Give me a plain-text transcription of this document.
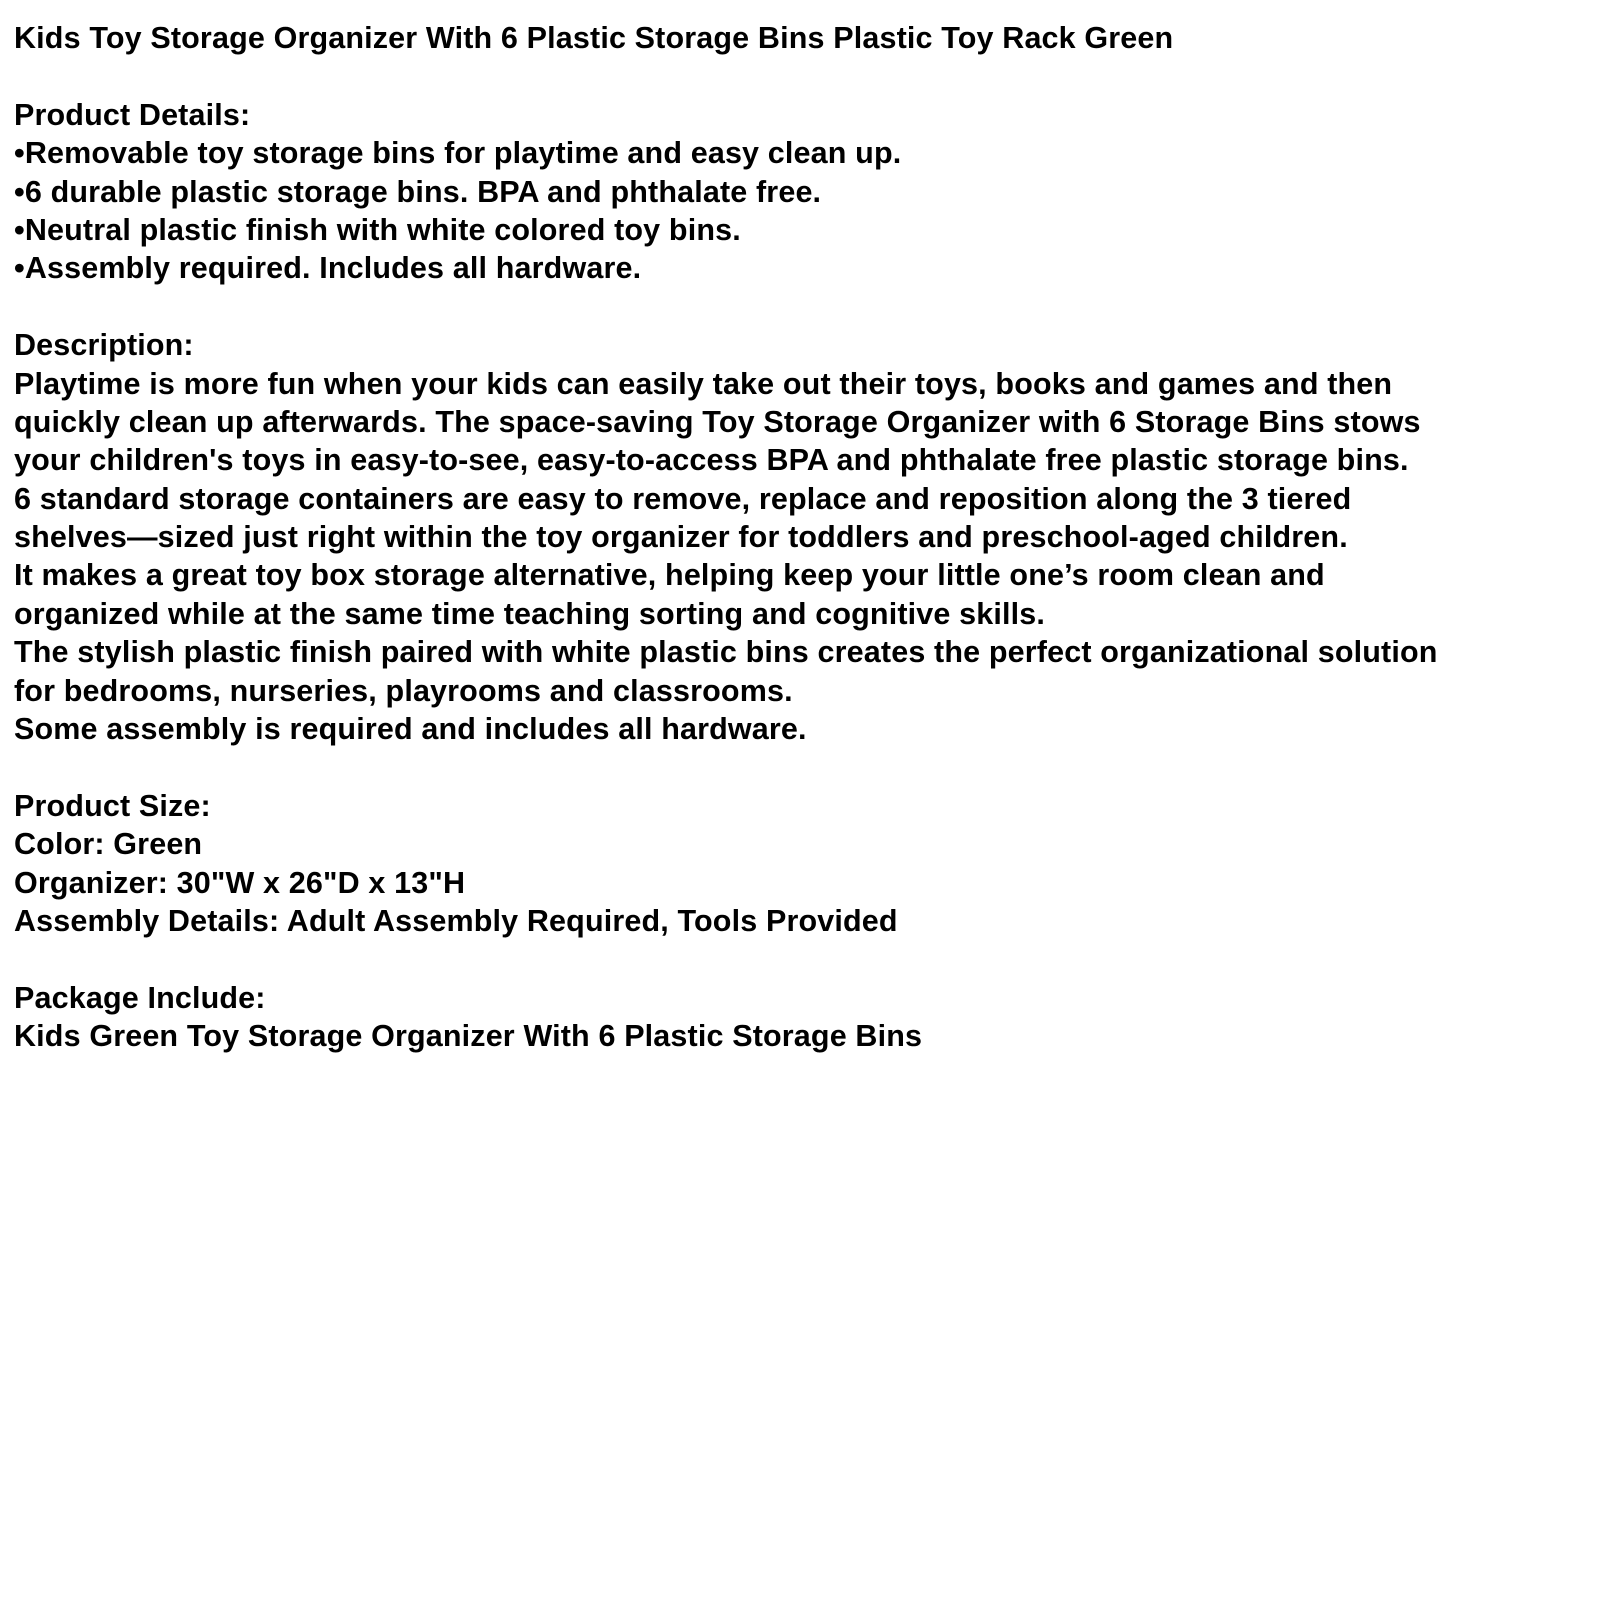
Kids Toy Storage Organizer With 6 Plastic Storage Bins Plastic Toy Rack Green
Product Details:
•Removable toy storage bins for playtime and easy clean up.
•6 durable plastic storage bins. BPA and phthalate free.
•Neutral plastic finish with white colored toy bins.
•Assembly required. Includes all hardware.
Description:
Playtime is more fun when your kids can easily take out their toys, books and games and then
quickly clean up afterwards. The space-saving Toy Storage Organizer with 6 Storage Bins stows
your children's toys in easy-to-see, easy-to-access BPA and phthalate free plastic storage bins.
6 standard storage containers are easy to remove, replace and reposition along the 3 tiered
shelves—sized just right within the toy organizer for toddlers and preschool-aged children.
It makes a great toy box storage alternative, helping keep your little one’s room clean and
organized while at the same time teaching sorting and cognitive skills.
The stylish plastic finish paired with white plastic bins creates the perfect organizational solution
for bedrooms, nurseries, playrooms and classrooms.
Some assembly is required and includes all hardware.
Product Size:
Color: Green
Organizer: 30"W x 26"D x 13"H
Assembly Details: Adult Assembly Required, Tools Provided
Package Include:
Kids Green Toy Storage Organizer With 6 Plastic Storage Bins
